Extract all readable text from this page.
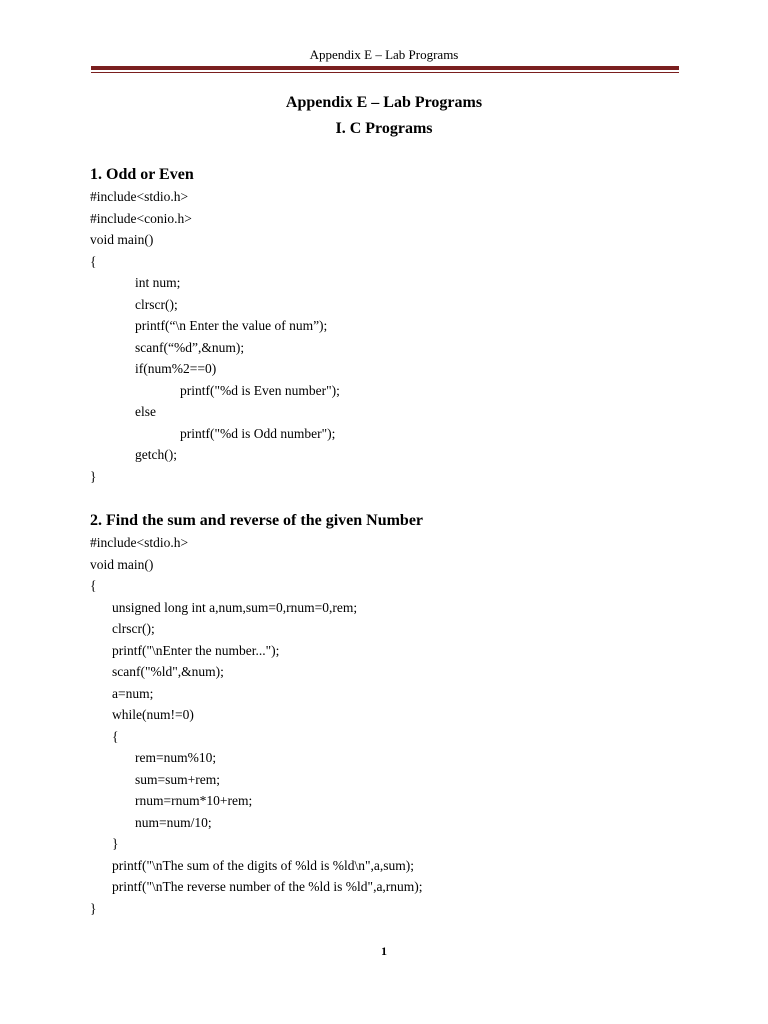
Appendix E – Lab Programs
Appendix E – Lab Programs
I. C Programs
1. Odd or Even
#include<stdio.h>
#include<conio.h>
void main()
{
int num;
clrscr();
printf(“\n Enter the value of num”);
scanf(“%d”,&num);
if(num%2==0)
printf("%d is Even number");
else
printf("%d is Odd number");
getch();
}
2. Find the sum and reverse of the given Number
#include<stdio.h>
void main()
{
unsigned long int a,num,sum=0,rnum=0,rem;
clrscr();
printf("\nEnter the number...");
scanf("%ld",&num);
a=num;
while(num!=0)
{
rem=num%10;
sum=sum+rem;
rnum=rnum*10+rem;
num=num/10;
}
printf("\nThe sum of the digits of %ld is %ld\n",a,sum);
printf("\nThe reverse number of the %ld is %ld",a,rnum);
}
1
